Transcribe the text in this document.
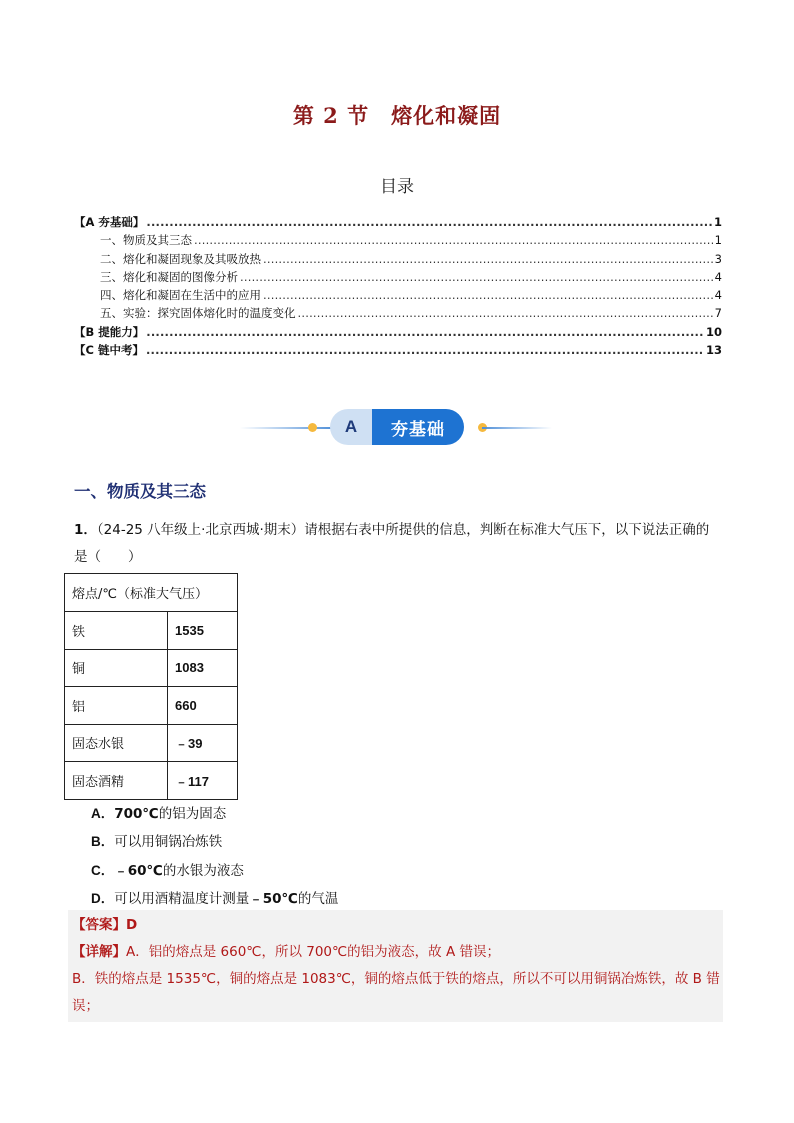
第 2 节　熔化和凝固
目录
【A 夯基础】 .....	1
一、物质及其三态 .....	1
二、熔化和凝固现象及其吸放热 .....	3
三、熔化和凝固的图像分析 .....	4
四、熔化和凝固在生活中的应用 .....	4
五、实验：探究固体熔化时的温度变化 .....	7
【B 提能力】 .....	10
【C 链中考】 .....	13
A	夯基础
一、物质及其三态
1．（24-25 八年级上·北京西城·期末）请根据右表中所提供的信息，判断在标准大气压下，以下说法正确的
是（　　）
熔点/℃（标准大气压）	
铁	1535
铜	1083
铝	660
固态水银	﹣39
固态酒精	﹣117
A．700℃的铝为固态
B．可以用铜锅冶炼铁
C．﹣60℃的水银为液态
D．可以用酒精温度计测量﹣50℃的气温
【答案】D
【详解】A．铝的熔点是 660℃，所以 700℃的铝为液态，故 A 错误；
B．铁的熔点是 1535℃，铜的熔点是 1083℃，铜的熔点低于铁的熔点，所以不可以用铜锅冶炼铁，故 B 错
误；
